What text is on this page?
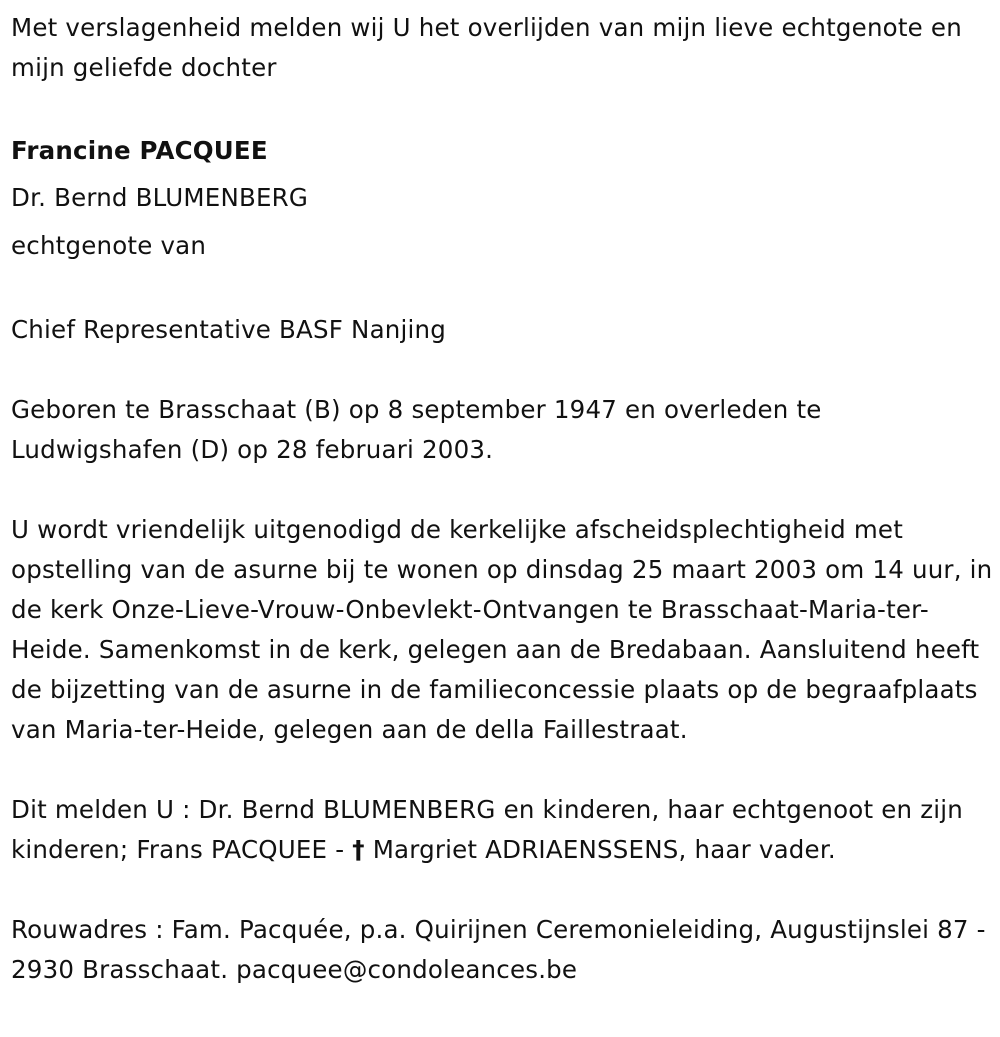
Met verslagenheid melden wij U het overlijden van mijn lieve echtgenote en mijn geliefde dochter

Francine PACQUEE

Dr. Bernd BLUMENBERG

echtgenote van

Chief Representative BASF Nanjing

Geboren te Brasschaat (B) op 8 september 1947 en overleden te Ludwigshafen (D) op 28 februari 2003.

U wordt vriendelijk uitgenodigd de kerkelijke afscheidsplechtigheid met opstelling van de asurne bij te wonen op dinsdag 25 maart 2003 om 14 uur, in de kerk Onze-Lieve-Vrouw-Onbevlekt-Ontvangen te Brasschaat-Maria-ter-Heide. Samenkomst in de kerk, gelegen aan de Bredabaan. Aansluitend heeft de bijzetting van de asurne in de familieconcessie plaats op de begraafplaats van Maria-ter-Heide, gelegen aan de della Faillestraat.

Dit melden U : Dr. Bernd BLUMENBERG en kinderen, haar echtgenoot en zijn kinderen; Frans PACQUEE - † Margriet ADRIAENSSENS, haar vader.

Rouwadres : Fam. Pacquée, p.a. Quirijnen Ceremonieleiding, Augustijnslei 87 - 2930 Brasschaat. pacquee@condoleances.be
